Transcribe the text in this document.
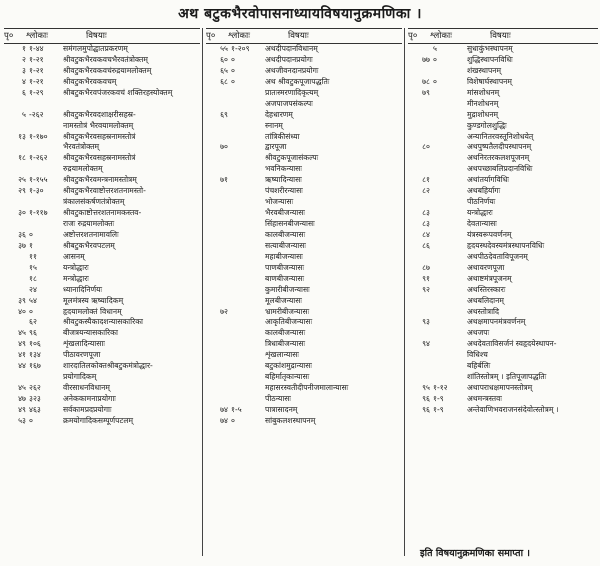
अथ बटुकभैरवोपासनाध्यायविषयानुक्रमणिका ।
पृ०	श्लोकाः	विषयाः
१ १-४४	समंगलमुपोद्घातप्रकरणम्
२ १-२१	श्रीवटुकभैरवकवचभैरवतंत्रोक्तम्
३ १-२१	श्रीवटुकभैरवकवचंरुद्रयामलोक्तम्
४ १-२१	श्रीवटुकभैरवकवचम्
६ १-२९	श्रीबटुकभैरवपंजरकवचं शक्तिरहस्योक्तम्
५ -२६२	श्रीवटुकभैरवदशाक्षरीसहस्र-
नामस्तोत्रं भैरवयामलोक्तम्
१३ १-१७०	श्रीवटुकभैरवसहस्रनामस्तोत्रं
भैरवतंत्रोक्तम्
१८ १-२६२	श्रीवटुकभैरवसहस्रनामस्तोत्रं
रुद्रयामलोक्तम्
२५ १-१५५	श्रीवटुकभैरवमन्त्रनामस्तोत्रम्
२९ १-३०	श्रीवटुकभैरवाष्टोत्तरशतनामस्तो-
त्रंकालसंकर्षणतंत्रोक्तम्
३० १-११७	श्रीवटुकाष्टोत्तरशतनामकस्तव-
राजः रुद्रयामलोक्तः
३६ ०	अष्टोत्तरशतनामावलिः
३७ १	श्रीबटुकभैरवपटलम्
११	आसनम्
१५	यन्त्रोद्धारः
१८	मन्त्रोद्धारः
२४	ध्यानादिनिर्णयः
३९ ५४	मूलमंत्रस्य ऋष्यादिकम्
४० ०	हृदयामलोक्तं विधानम्
६२	श्रीवटुकस्यैकादशन्यासकारिका
४५ ९६	बीजत्रयन्यासकारिका
४९ १०६	शृंखलादिन्यासाः
४१ १३४	पीठावरणपूजा
४४ १६७	शारदातिलकोक्तश्रीबटुकमंत्रोद्धार-
प्रयोगादिकम्
४५ २६२	वीरसाधनविधानम्
४७ ३२३	अनेककामनाप्रयोगाः
४९ ४६३	सर्वकामप्रदप्रयोगाः
५३ ०	क्रमयोगादिकसम्पूर्णपटलम्
पृ०	श्लोकाः	विषयाः
५५ १-२०९	अथदीपदानविधानम्
६० ०	अथदीपदानप्रयोगः
६५ ०	अथजीवनदानप्रयोगः
६८ ०	अथ श्रीवटुकपूजापद्धतिः
प्रातःस्मरणादिकृत्यम्
अजपाजपसंकल्पः
६९	देहधारणम्
स्नानम्
तांत्रिकीसंध्या
७०	द्वारपूजा
श्रीवटुकपूजासंकल्पः
भवनिकन्यासः
७१	ऋष्यादिन्यासः
पंचशरीरन्यासः
भोजन्यासः
भैरवबीजन्यासः
सिंहासनबीजन्यासः
कालबीजन्यासः
सत्याबीजन्यासः
महाबीजन्यासः
पाणबीजन्यासः
बाणबीजन्यासः
कुमारीबीजन्यासः
मूलबीजन्यासः
७२	भ्रामरीबीजन्यासः
आकृतिबीजन्यासः
कालबीजन्यासः
त्रिधाबीजन्यासः
शृंखलान्यासः
बटुकांशमुद्रान्यासः
बहिर्मातृकान्यासः
महासरस्वतीदीपनीजमालान्यासः
पीठन्यासः
७४ १-५	पात्रासादनम्
७४ ०	सांबुकलशस्थापनम्
पृ०	श्लोकाः	विषयाः
५	सुधाकुंभस्थापनम्
७७ ०	शुद्धिस्थापनविधिः
शंखस्थापनम्
७८ ०	विशेषार्घस्थापनम्
७९	मांसशोधनम्
मीनशोधनम्
मुद्राशोधनम्
कुण्डगोलशुद्धिः
अन्यानितरवस्तूनिशोधयेत्
८०	अथपुष्पतैलदीपस्थापनम्
अथनिरतरकलशपूजनम्
अथपच्छाबलिप्रदानविधिः
८१	अथांतर्यागविधिः
८२	अथबहिर्यागः
पीठनिर्णयः
८३	यन्त्रोद्धारः
८३	देवतान्यासः
८४	यंत्रस्वरूपवर्णनम्
८६	हृदयस्थदेवस्यमंत्रस्थापनविधिः
अथपीठदेवताविपूजनम्
८७	अथावरणपूजा
९१	अथाष्टमंत्रपूजनम्
९२	अथस्तिरस्कारः
अथबलिदानम्
अथस्तोत्रादि
९३	अथक्षमापनमंत्रवर्णनम्
अथजपः
९४	अथदेवताविसर्जनं स्वहृदयेस्थापन-
विधिश्च
बहिर्बलिः
शांतिस्तोत्रम् । इतिपूजापद्धतिः
९५ १-१२	अथापराधक्षमापनस्तोत्रम्
९६ १-९	अथमन्त्रस्तवः
९६ १-९	अन्तेवाणिभवराजनसंदेवोत्स्तोत्रम् ।
इति विषयानुक्रमणिका समाप्ता ।
